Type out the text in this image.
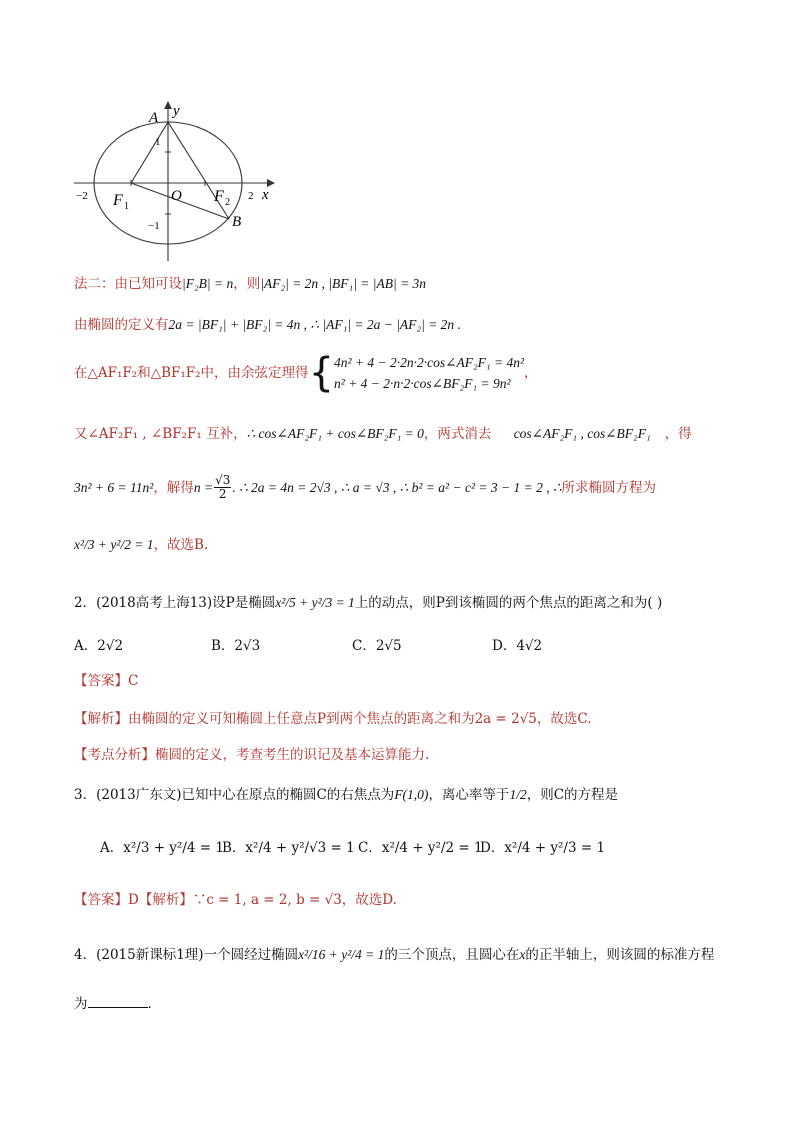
A y
x
O
F 1
F 2
B
1
−1
−2	2
法二：由已知可设|F₂B| = n，则|AF₂| = 2n , |BF₁| = |AB| = 3n
由椭圆的定义有2a = |BF₁| + |BF₂| = 4n , ∴ |AF₁| = 2a − |AF₂| = 2n .
在△AF₁F₂和△BF₁F₂中，由余弦定理得 { 4n² + 4 − 2·2n·2·cos∠AF₂F₁ = 4n²
n² + 4 − 2·n·2·cos∠BF₂F₁ = 9n²
，
又∠AF₂F₁ , ∠BF₂F₁ 互补，∴ cos∠AF₂F₁ + cos∠BF₂F₁ = 0，两式消去 cos∠AF₂F₁ , cos∠BF₂F₁ ，得
3n² + 6 = 11n² ，解得 $n = \frac{√3}{2}$ . ∴ 2a = 4n = 2√3 , ∴ a = √3 , ∴ b² = a² − c² = 3 − 1 = 2 , ∴ 所求椭圆方程为
x²/3 + y²/2 = 1，故选B.
2．(2018高考上海13)设P是椭圆x²/5 + y²/3 = 1上的动点，则P到该椭圆的两个焦点的距离之和为( )
A．2√2	B．2√3	C．2√5	D．4√2
【答案】C
【解析】由椭圆的定义可知椭圆上任意点P到两个焦点的距离之和为2a = 2√5，故选C.
【考点分析】椭圆的定义，考查考生的识记及基本运算能力.
3．(2013广东文)已知中心在原点的椭圆C的右焦点为F(1,0)，离心率等于1/2，则C的方程是
A．x²/3 + y²/4 = 1
B．x²/4 + y²/√3 = 1 C．x²/4 + y²/2 = 1
D．x²/4 + y²/3 = 1
【答案】D【解析】∵c = 1, a = 2, b = √3，故选D.
4．(2015新课标1理)一个圆经过椭圆x²/16 + y²/4 = 1的三个顶点，且圆心在x的正半轴上，则该圆的标准方程
为	.
